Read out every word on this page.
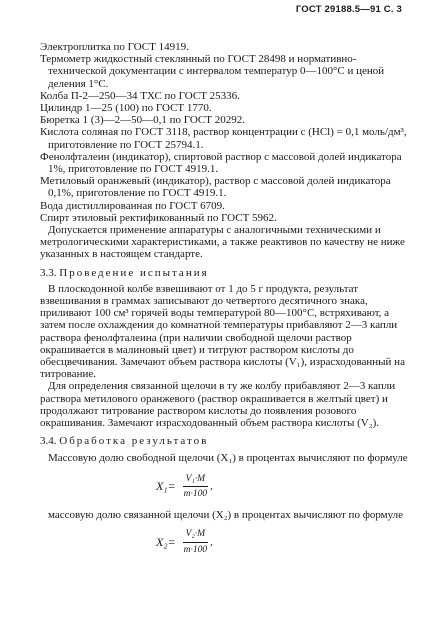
ГОСТ 29188.5—91 С. 3

Электроплитка по ГОСТ 14919.

Термометр жидкостный стеклянный по ГОСТ 28498 и нормативно-технической документации с интервалом температур 0—100°С и ценой деления 1°С.

Колба П-2—250—34 ТХС по ГОСТ 25336.

Цилиндр 1—25 (100) по ГОСТ 1770.

Бюретка 1 (3)—2—50—0,1 по ГОСТ 20292.

Кислота соляная по ГОСТ 3118, раствор концентрации с (HCl) = 0,1 моль/дм³, приготовление по ГОСТ 25794.1.

Фенолфталеин (индикатор), спиртовой раствор с массовой долей индикатора 1%, приготовление по ГОСТ 4919.1.

Метиловый оранжевый (индикатор), раствор с массовой долей индикатора 0,1%, приготовление по ГОСТ 4919.1.

Вода дистиллированная по ГОСТ 6709.

Спирт этиловый ректификованный по ГОСТ 5962.

Допускается применение аппаратуры с аналогичными техническими и метрологическими характеристиками, а также реактивов по качеству не ниже указанных в настоящем стандарте.

3.3. Проведение испытания

В плоскодонной колбе взвешивают от 1 до 5 г продукта, результат взвешивания в граммах записывают до четвертого десятичного знака, приливают 100 см³ горячей воды температурой 80—100°С, встряхивают, а затем после охлаждения до комнатной температуры прибавляют 2—3 капли раствора фенолфталеина (при наличии свободной щелочи раствор окрашивается в малиновый цвет) и титруют раствором кислоты до обесцвечивания. Замечают объем раствора кислоты (V₁), израсходованный на титрование.

Для определения связанной щелочи в ту же колбу прибавляют 2—3 капли раствора метилового оранжевого (раствор окрашивается в желтый цвет) и продолжают титрование раствором кислоты до появления розового окрашивания. Замечают израсходованный объем раствора кислоты (V₂).

3.4. Обработка результатов

Массовую долю свободной щелочи (X₁) в процентах вычисляют по формуле

$X_1= \frac{\text{V₁·M}}{m\cdot 100}$ ,

массовую долю связанной щелочи (X₂) в процентах вычисляют по формуле

$X_2= \frac{\text{V₂·M}}{m\cdot 100}$ ,
